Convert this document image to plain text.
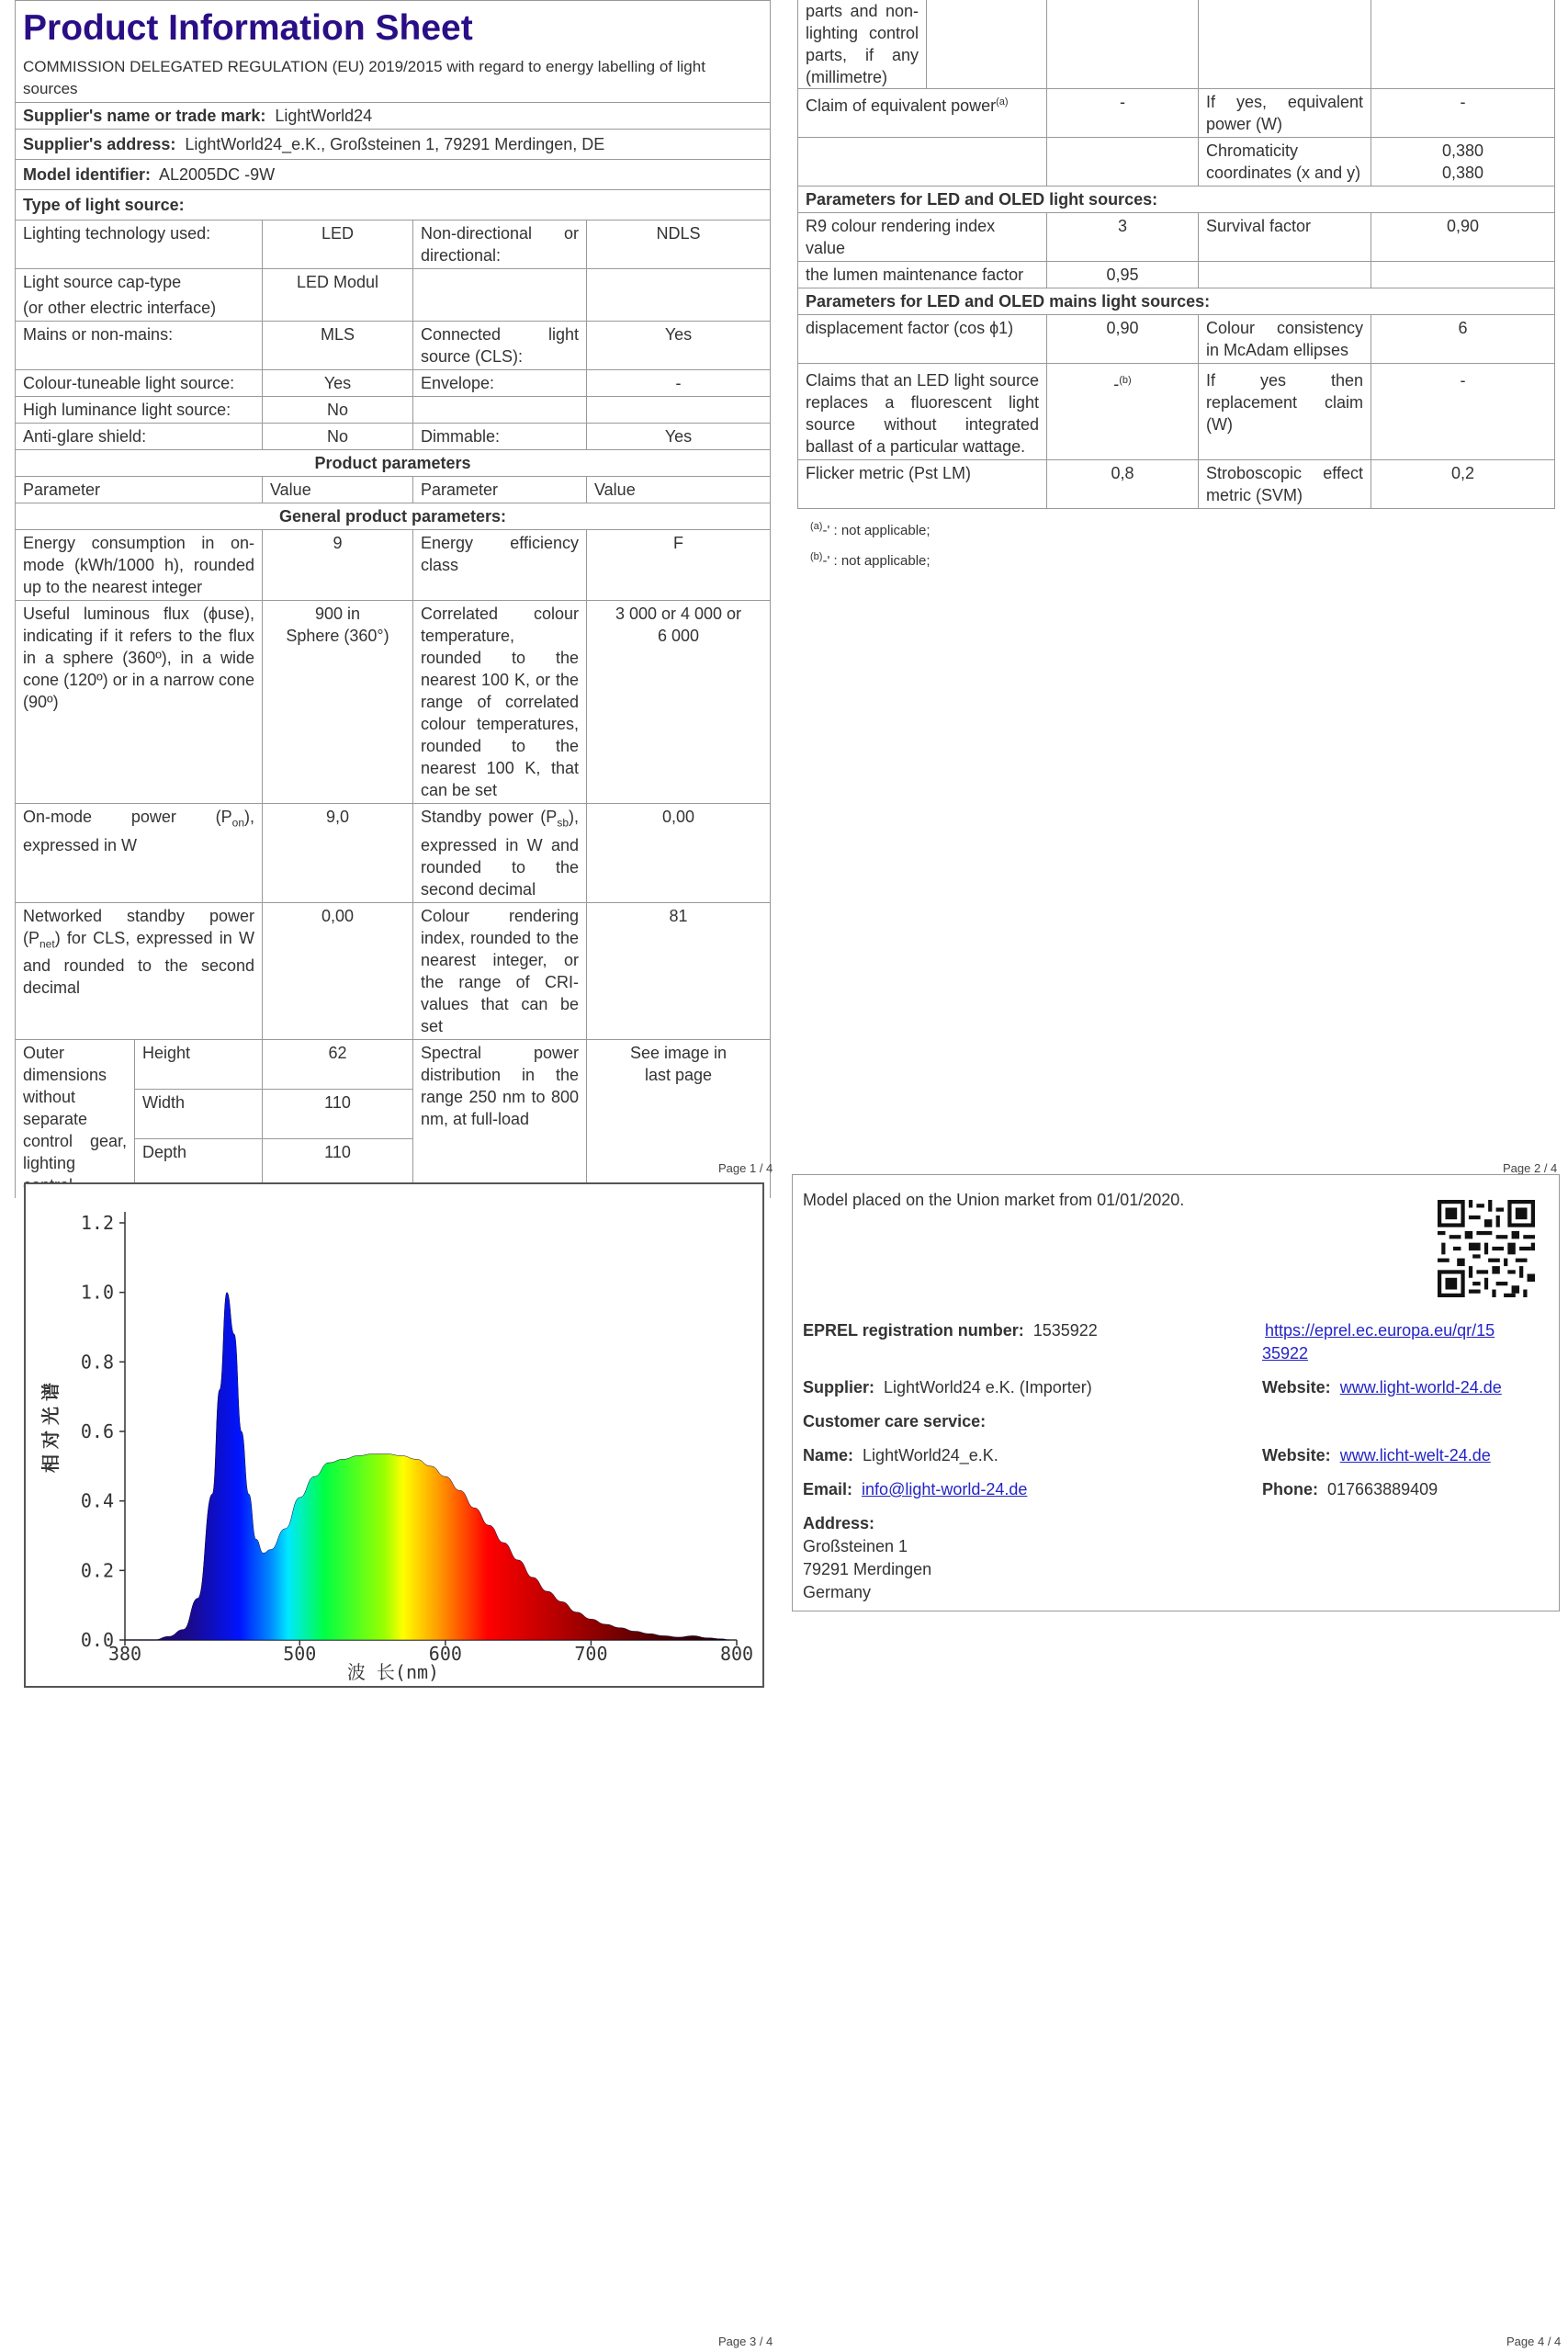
Product Information Sheet
COMMISSION DELEGATED REGULATION (EU) 2019/2015 with regard to energy labelling of light sources

Supplier's name or trade mark: LightWorld24
Supplier's address: LightWorld24_e.K., Großsteinen 1, 79291 Merdingen, DE
Model identifier: AL2005DC -9W
Type of light source:
Lighting technology used:	LED	Non-directional or directional:	NDLS

Light source cap-type
(or other electric interface)	LED Modul		
Mains or non-mains:	MLS	Connected light source (CLS):	Yes
Colour-tuneable light source:	Yes	Envelope:	-
High luminance light source:	No		
Anti-glare shield:	No	Dimmable:	Yes
Product parameters			
Parameter	Value	Parameter	Value
General product parameters:			
Energy consumption in on-mode (kWh/1000 h), rounded up to the nearest integer	9	Energy efficiency class	F
Useful luminous flux (ϕuse), indicating if it refers to the flux in a sphere (360º), in a wide cone (120º) or in a narrow cone (90º)	900 in
Sphere (360°)	Correlated colour temperature, rounded to the nearest 100 K, or the range of correlated colour temperatures, rounded to the nearest 100 K, that can be set	3 000 or 4 000 or 6 000
On-mode power $(P_{on})$, expressed in W	9,0	Standby power $(P_{sb})$, expressed in W and rounded to the second decimal	0,00
Networked standby power $(P_{net})$ for CLS, expressed in W and rounded to the second decimal	0,00	Colour rendering index, rounded to the nearest integer, or the range of CRI-values that can be set	81
Outer dimensions without separate control gear, lighting	Height	62	Spectral power distribution in the range 250 nm to 800 nm, at full-load	See image in last page
	Width	110		
	Depth	110		
Page 1 / 4
parts and non-lighting control parts, if any (millimetre)				
Claim of equivalent power$^{(a)}$		-	If yes, equivalent power (W)	-
			Chromaticity coordinates (x and y)	0,380
0,380

Parameters for LED and OLED light sources:				
R9 colour rendering index value		3	Survival factor	0,90
the lumen maintenance factor		0,95		
Parameters for LED and OLED mains light sources:				
displacement factor (cos ϕ1)		0,90	Colour consistency in McAdam ellipses	6
Claims that an LED light source replaces a fluorescent light source without integrated ballast of a particular wattage.		-$^{(b)}$	If yes then replacement claim (W)	-
Flicker metric (Pst LM)		0,8	Stroboscopic effect metric (SVM)	0,2
$^{(a)}$-' : not applicable;
$^{(b)}$-' : not applicable;
Page 2 / 4
0.0
0.2
0.4
0.6
0.8
1.0
1.2
380	500	600	700	800
波 长(nm)
相对光谱
Page 3 / 4
Model placed on the Union market from 01/01/2020.
EPREL registration number: 1535922	https://eprel.ec.europa.eu/qr/15
35922
Supplier: LightWorld24 e.K. (Importer)	Website: www.light-world-24.de
Customer care service:
Name: LightWorld24_e.K.	Website: www.licht-welt-24.de
Email: info@light-world-24.de	Phone: 017663889409
Address:
Großsteinen 1
79291 Merdingen
Germany
Page 4 / 4
